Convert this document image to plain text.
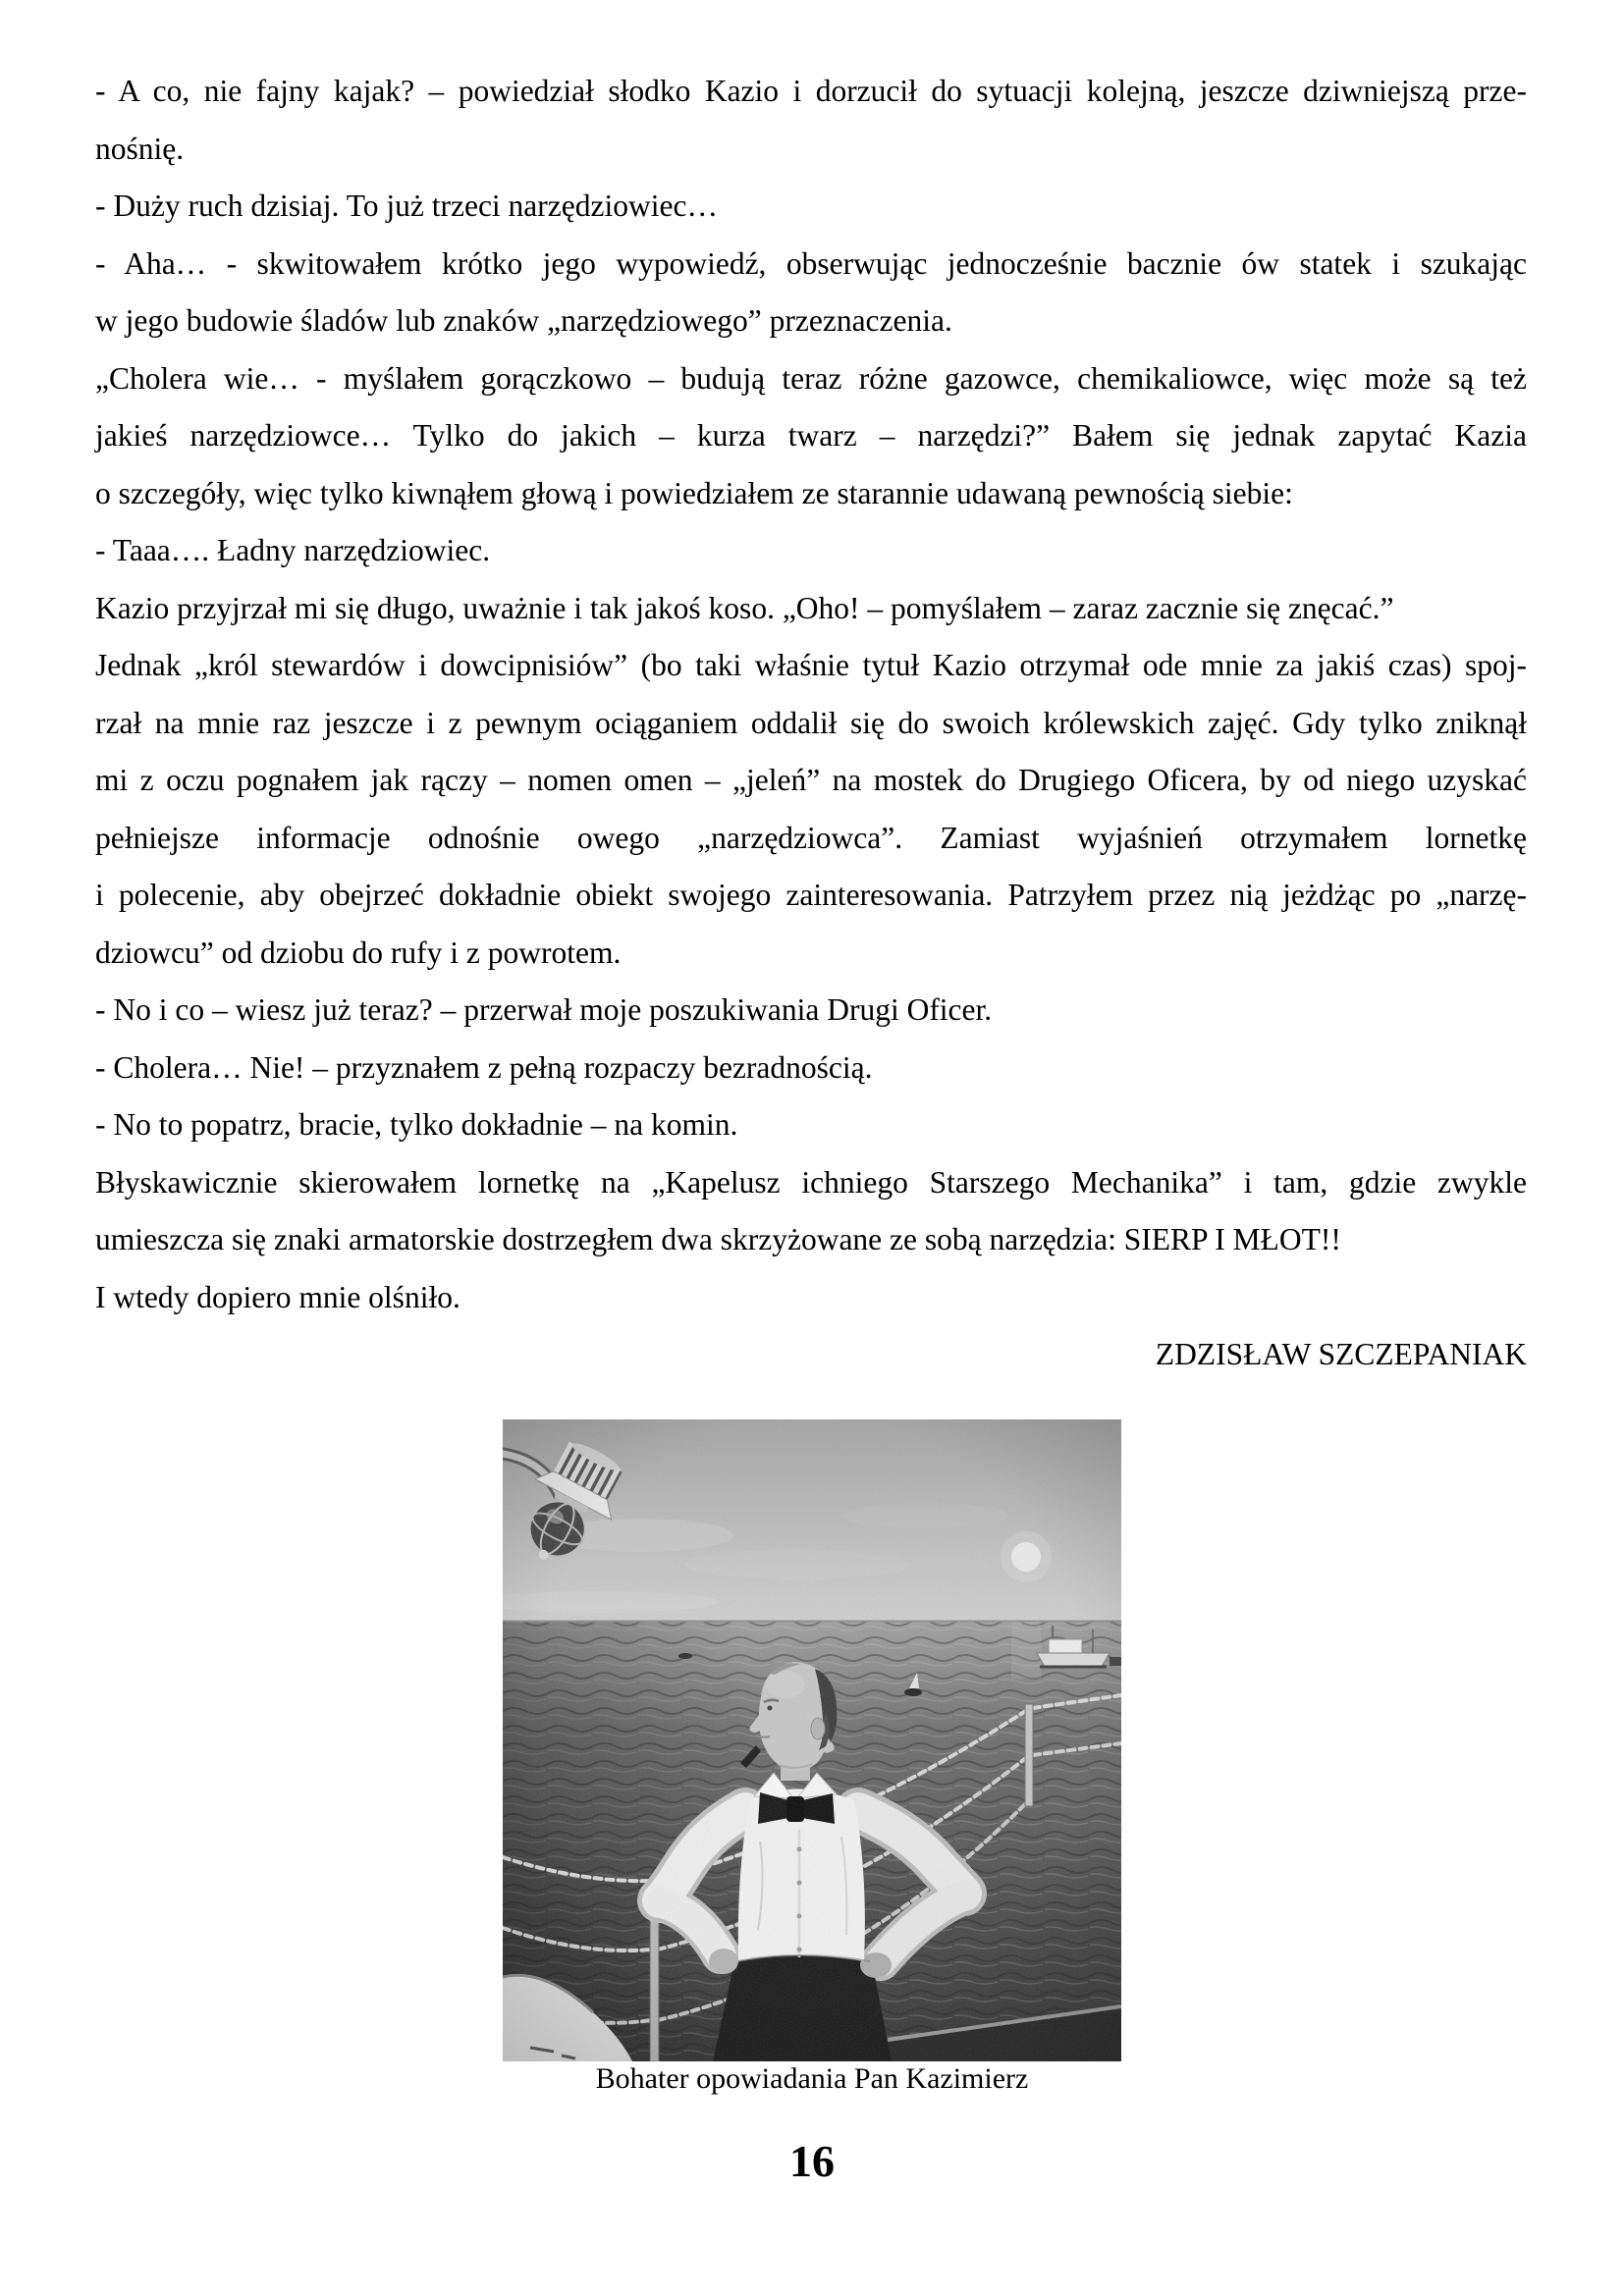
- A co, nie fajny kajak? – powiedział słodko Kazio i dorzucił do sytuacji kolejną, jeszcze dziwniejszą prze-
nośnię.
- Duży ruch dzisiaj. To już trzeci narzędziowiec…
- Aha… - skwitowałem krótko jego wypowiedź, obserwując jednocześnie bacznie ów statek i szukając
w jego budowie śladów lub znaków „narzędziowego” przeznaczenia.
„Cholera wie… - myślałem gorączkowo – budują teraz różne gazowce, chemikaliowce, więc może są też
jakieś narzędziowce… Tylko do jakich – kurza twarz – narzędzi?” Bałem się jednak zapytać Kazia
o szczegóły, więc tylko kiwnąłem głową i powiedziałem ze starannie udawaną pewnością siebie:
- Taaa…. Ładny narzędziowiec.
Kazio przyjrzał mi się długo, uważnie i tak jakoś koso. „Oho! – pomyślałem – zaraz zacznie się znęcać.”
Jednak „król stewardów i dowcipnisiów” (bo taki właśnie tytuł Kazio otrzymał ode mnie za jakiś czas) spoj-
rzał na mnie raz jeszcze i z pewnym ociąganiem oddalił się do swoich królewskich zajęć. Gdy tylko zniknął
mi z oczu pognałem jak rączy – nomen omen – „jeleń” na mostek do Drugiego Oficera, by od niego uzyskać
pełniejsze informacje odnośnie owego „narzędziowca”. Zamiast wyjaśnień otrzymałem lornetkę
i polecenie, aby obejrzeć dokładnie obiekt swojego zainteresowania. Patrzyłem przez nią jeżdżąc po „narzę-
dziowcu” od dziobu do rufy i z powrotem.
- No i co – wiesz już teraz? – przerwał moje poszukiwania Drugi Oficer.
- Cholera… Nie! – przyznałem z pełną rozpaczy bezradnością.
- No to popatrz, bracie, tylko dokładnie – na komin.
Błyskawicznie skierowałem lornetkę na „Kapelusz ichniego Starszego Mechanika” i tam, gdzie zwykle
umieszcza się znaki armatorskie dostrzegłem dwa skrzyżowane ze sobą narzędzia: SIERP I MŁOT!!
I wtedy dopiero mnie olśniło.
ZDZISŁAW SZCZEPANIAK
Bohater opowiadania Pan Kazimierz
16
